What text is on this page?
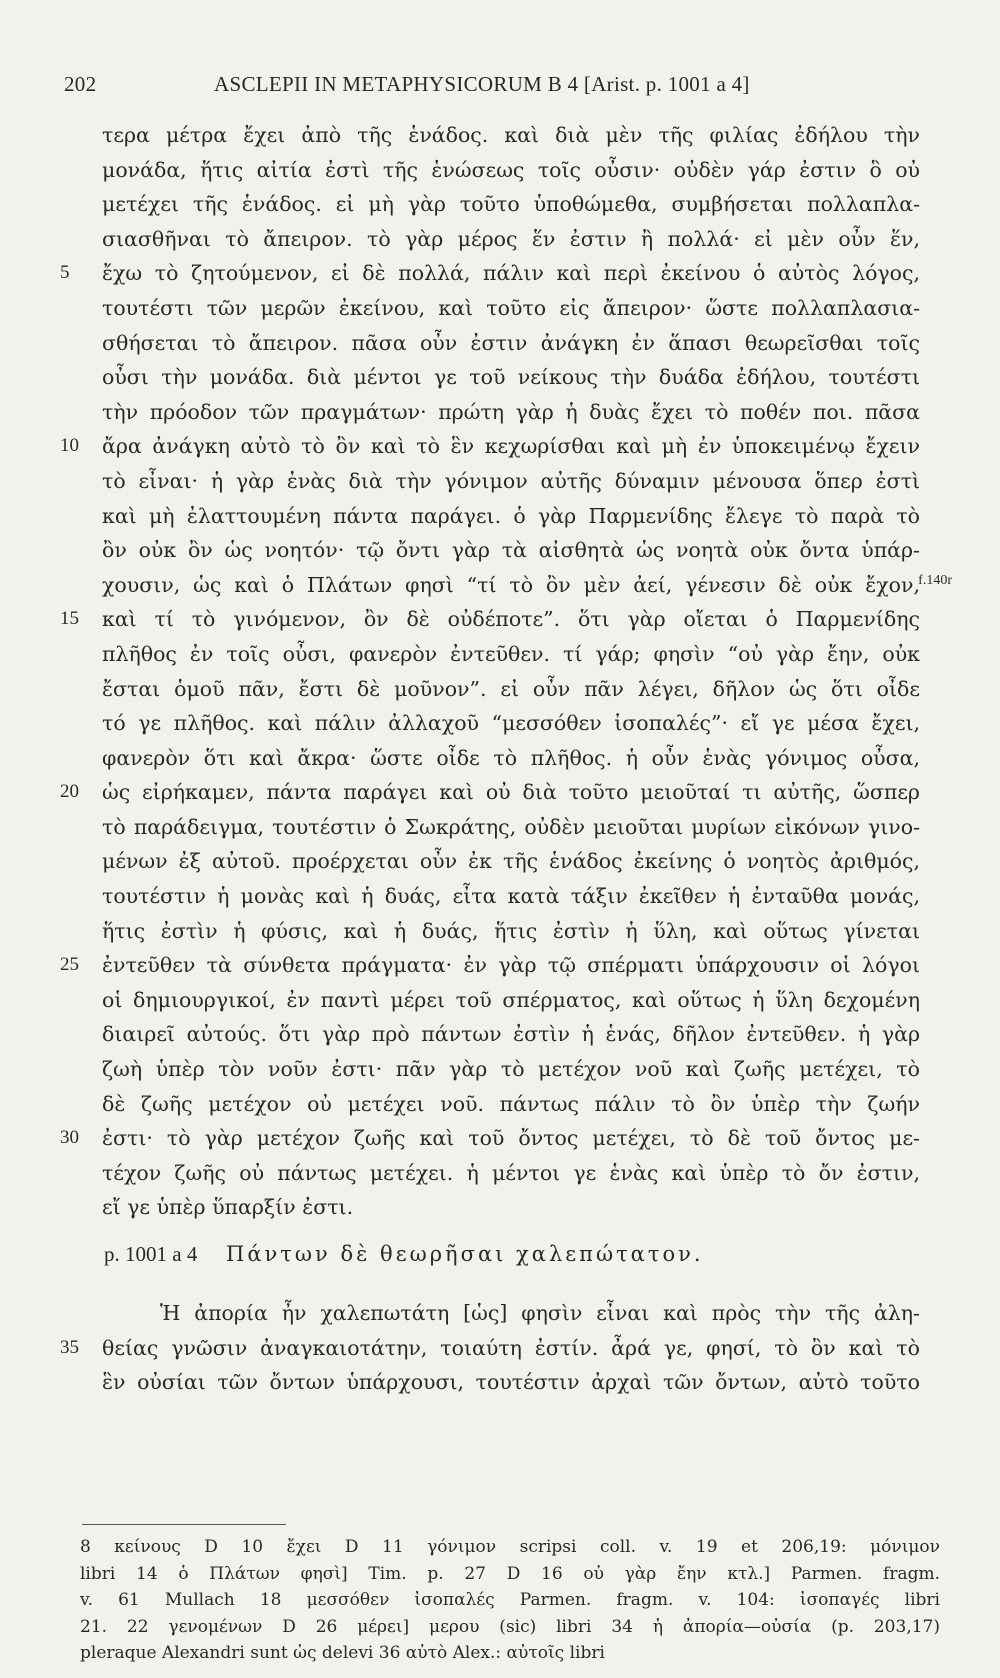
202	ASCLEPII IN METAPHYSICORUM B 4 [Arist. p. 1001 a 4]
τερα μέτρα ἔχει ἀπὸ τῆς ἑνάδος. καὶ διὰ μὲν τῆς φιλίας ἐδήλου τὴν
μονάδα, ἥτις αἰτία ἐστὶ τῆς ἑνώσεως τοῖς οὖσιν· οὐδὲν γάρ ἐστιν ὃ οὐ
μετέχει τῆς ἑνάδος. εἰ μὴ γὰρ τοῦτο ὑποθώμεθα, συμβήσεται πολλαπλα-
σιασθῆναι τὸ ἄπειρον. τὸ γὰρ μέρος ἕν ἐστιν ἢ πολλά· εἰ μὲν οὖν ἕν,
5	ἔχω τὸ ζητούμενον, εἰ δὲ πολλά, πάλιν καὶ περὶ ἐκείνου ὁ αὐτὸς λόγος,
τουτέστι τῶν μερῶν ἐκείνου, καὶ τοῦτο εἰς ἄπειρον· ὥστε πολλαπλασια-
σθήσεται τὸ ἄπειρον. πᾶσα οὖν ἐστιν ἀνάγκη ἐν ἅπασι θεωρεῖσθαι τοῖς
οὖσι τὴν μονάδα. διὰ μέντοι γε τοῦ νείκους τὴν δυάδα ἐδήλου, τουτέστι
τὴν πρόοδον τῶν πραγμάτων· πρώτη γὰρ ἡ δυὰς ἔχει τὸ ποθέν ποι. πᾶσα
10	ἄρα ἀνάγκη αὐτὸ τὸ ὂν καὶ τὸ ἓν κεχωρίσθαι καὶ μὴ ἐν ὑποκειμένῳ ἔχειν
τὸ εἶναι· ἡ γὰρ ἑνὰς διὰ τὴν γόνιμον αὐτῆς δύναμιν μένουσα ὅπερ ἐστὶ
καὶ μὴ ἐλαττουμένη πάντα παράγει. ὁ γὰρ Παρμενίδης ἔλεγε τὸ παρὰ τὸ
ὂν οὐκ ὂν ὡς νοητόν· τῷ ὄντι γὰρ τὰ αἰσθητὰ ὡς νοητὰ οὐκ ὄντα ὑπάρ-
χουσιν, ὡς καὶ ὁ Πλάτων φησὶ “τί τὸ ὂν μὲν ἀεί, γένεσιν δὲ οὐκ ἔχον,
f.140r
15	καὶ τί τὸ γινόμενον, ὂν δὲ οὐδέποτε”. ὅτι γὰρ οἴεται ὁ Παρμενίδης
πλῆθος ἐν τοῖς οὖσι, φανερὸν ἐντεῦθεν. τί γάρ; φησὶν “οὐ γὰρ ἔην, οὐκ
ἔσται ὁμοῦ πᾶν, ἔστι δὲ μοῦνον”. εἰ οὖν πᾶν λέγει, δῆλον ὡς ὅτι οἶδε
τό γε πλῆθος. καὶ πάλιν ἀλλαχοῦ “μεσσόθεν ἰσοπαλές”· εἴ γε μέσα ἔχει,
φανερὸν ὅτι καὶ ἄκρα· ὥστε οἶδε τὸ πλῆθος. ἡ οὖν ἑνὰς γόνιμος οὖσα,
20	ὡς εἰρήκαμεν, πάντα παράγει καὶ οὐ διὰ τοῦτο μειοῦταί τι αὐτῆς, ὥσπερ
τὸ παράδειγμα, τουτέστιν ὁ Σωκράτης, οὐδὲν μειοῦται μυρίων εἰκόνων γινο-
μένων ἐξ αὐτοῦ. προέρχεται οὖν ἐκ τῆς ἑνάδος ἐκείνης ὁ νοητὸς ἀριθμός,
τουτέστιν ἡ μονὰς καὶ ἡ δυάς, εἶτα κατὰ τάξιν ἐκεῖθεν ἡ ἐνταῦθα μονάς,
ἥτις ἐστὶν ἡ φύσις, καὶ ἡ δυάς, ἥτις ἐστὶν ἡ ὕλη, καὶ οὕτως γίνεται
25	ἐντεῦθεν τὰ σύνθετα πράγματα· ἐν γὰρ τῷ σπέρματι ὑπάρχουσιν οἱ λόγοι
οἱ δημιουργικοί, ἐν παντὶ μέρει τοῦ σπέρματος, καὶ οὕτως ἡ ὕλη δεχομένη
διαιρεῖ αὐτούς. ὅτι γὰρ πρὸ πάντων ἐστὶν ἡ ἑνάς, δῆλον ἐντεῦθεν. ἡ γὰρ
ζωὴ ὑπὲρ τὸν νοῦν ἐστι· πᾶν γὰρ τὸ μετέχον νοῦ καὶ ζωῆς μετέχει, τὸ
δὲ ζωῆς μετέχον οὐ μετέχει νοῦ. πάντως πάλιν τὸ ὂν ὑπὲρ τὴν ζωήν
30	ἐστι· τὸ γὰρ μετέχον ζωῆς καὶ τοῦ ὄντος μετέχει, τὸ δὲ τοῦ ὄντος με-
τέχον ζωῆς οὐ πάντως μετέχει. ἡ μέντοι γε ἑνὰς καὶ ὑπὲρ τὸ ὄν ἐστιν,
εἴ γε ὑπὲρ ὕπαρξίν ἐστι.
p. 1001 a 4 Πάντων δὲ θεωρῆσαι χαλεπώτατον.
Ἡ ἀπορία ἦν χαλεπωτάτη [ὡς] φησὶν εἶναι καὶ πρὸς τὴν τῆς ἀλη-
35	θείας γνῶσιν ἀναγκαιοτάτην, τοιαύτη ἐστίν. ἆρά γε, φησί, τὸ ὂν καὶ τὸ
ἓν οὐσίαι τῶν ὄντων ὑπάρχουσι, τουτέστιν ἀρχαὶ τῶν ὄντων, αὐτὸ τοῦτο
8 κείνους D 10 ἔχει D 11 γόνιμον scripsi coll. v. 19 et 206,19: μόνιμον
libri 14 ὁ Πλάτων φησὶ] Tim. p. 27 D 16 οὐ γὰρ ἔην κτλ.] Parmen. fragm.
v. 61 Mullach 18 μεσσόθεν ἰσοπαλές Parmen. fragm. v. 104: ἰσοπαγές libri
21. 22 γενομένων D 26 μέρει] μερου (sic) libri 34 ἡ ἀπορία—οὐσία (p. 203,17)
pleraque Alexandri sunt ὡς delevi 36 αὐτὸ Alex.: αὐτοῖς libri
